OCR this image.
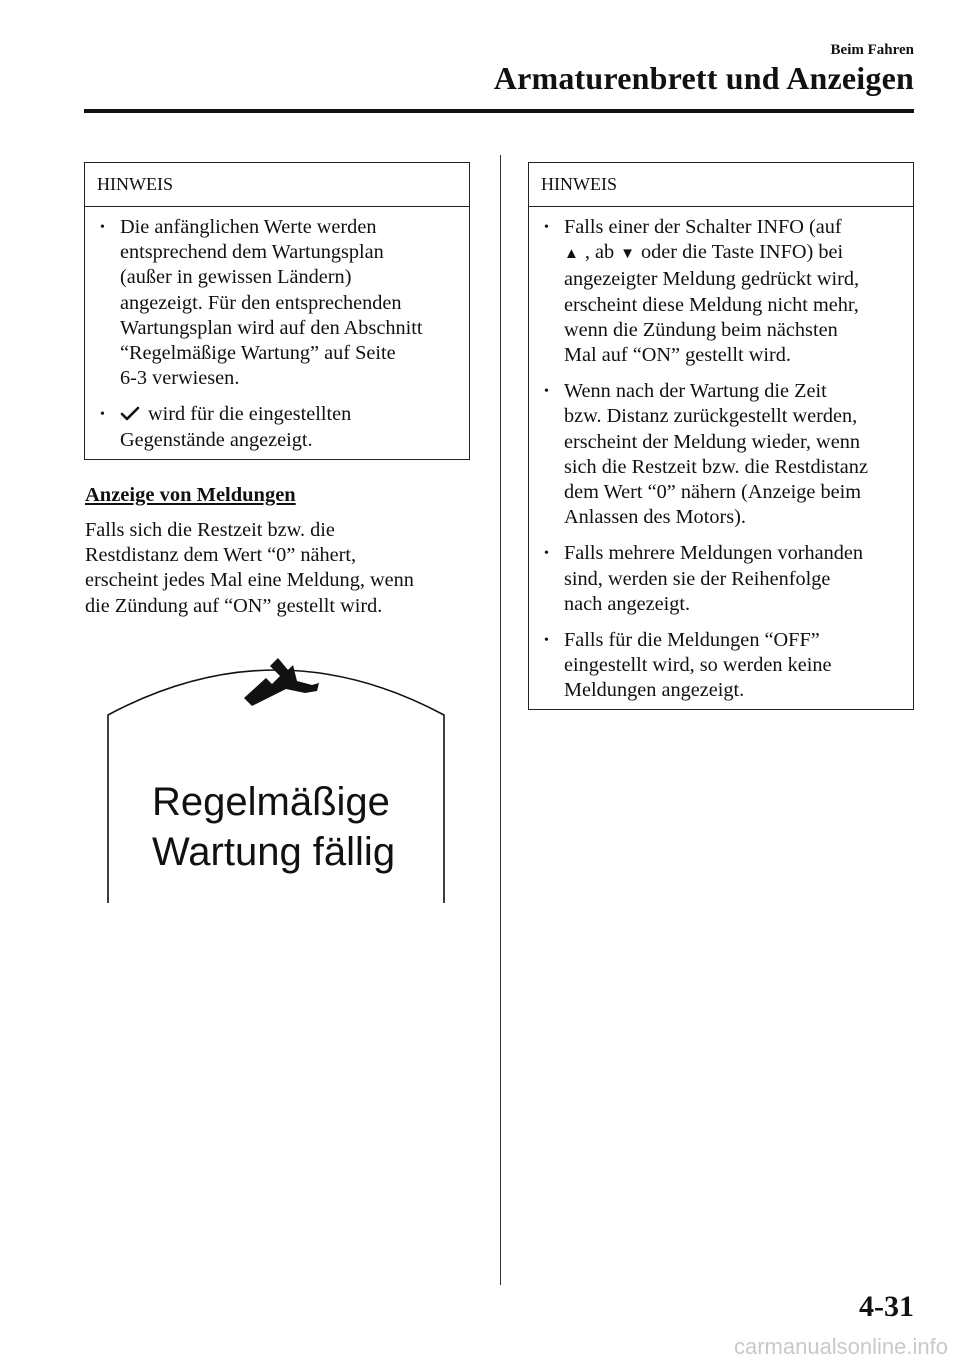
Beim Fahren
Armaturenbrett und Anzeigen
HINWEIS
• Die anfänglichen Werte werden
entsprechend dem Wartungsplan
(außer in gewissen Ländern)
angezeigt. Für den entsprechenden
Wartungsplan wird auf den Abschnitt
“Regelmäßige Wartung” auf Seite
6-3 verwiesen.
• wird für die eingestellten
Gegenstände angezeigt.
Anzeige von Meldungen

Falls sich die Restzeit bzw. die
Restdistanz dem Wert “0” nähert,
erscheint jedes Mal eine Meldung, wenn
die Zündung auf “ON” gestellt wird.

Regelmäßige
Wartung fällig
HINWEIS
• Falls einer der Schalter INFO (auf
▲ , ab ▼ oder die Taste INFO) bei
angezeigter Meldung gedrückt wird,
erscheint diese Meldung nicht mehr,
wenn die Zündung beim nächsten
Mal auf “ON” gestellt wird.
• Wenn nach der Wartung die Zeit
bzw. Distanz zurückgestellt werden,
erscheint der Meldung wieder, wenn
sich die Restzeit bzw. die Restdistanz
dem Wert “0” nähern (Anzeige beim
Anlassen des Motors).
• Falls mehrere Meldungen vorhanden
sind, werden sie der Reihenfolge
nach angezeigt.
• Falls für die Meldungen “OFF”
eingestellt wird, so werden keine
Meldungen angezeigt.
4-31
carmanualsonline.info
